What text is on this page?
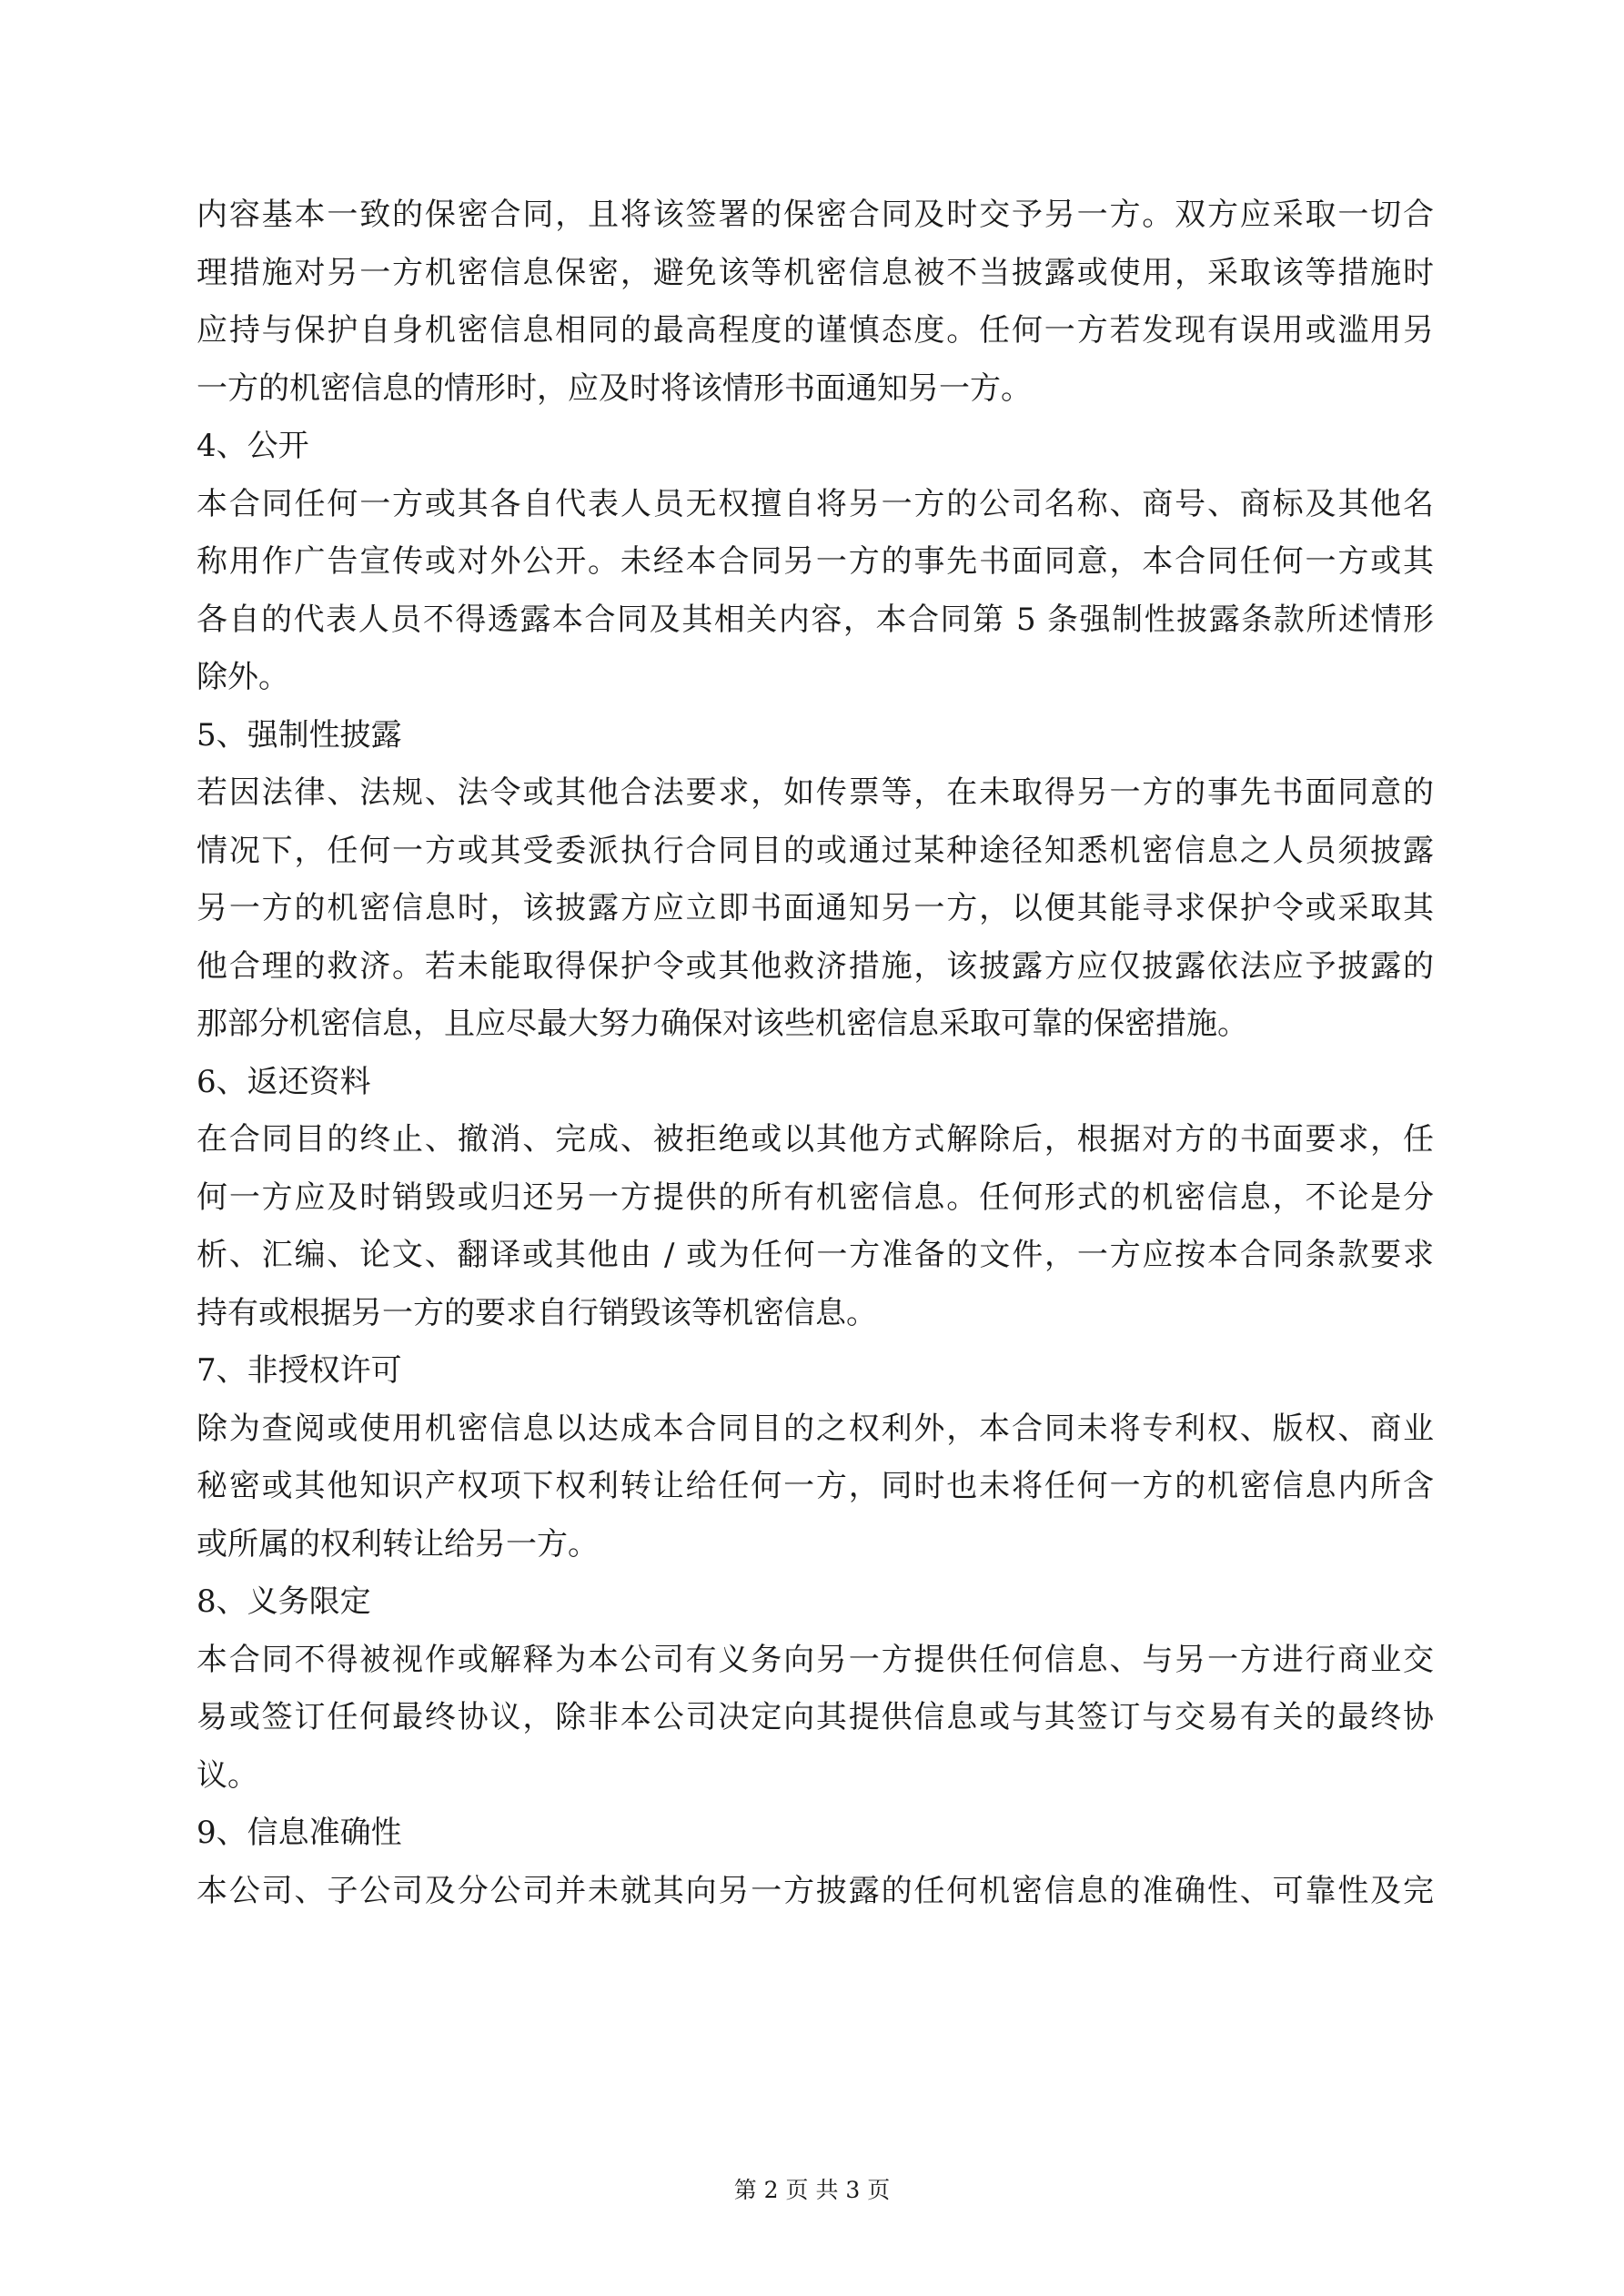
内容基本一致的保密合同，且将该签署的保密合同及时交予另一方。双方应采取一切合
理措施对另一方机密信息保密，避免该等机密信息被不当披露或使用，采取该等措施时
应持与保护自身机密信息相同的最高程度的谨慎态度。任何一方若发现有误用或滥用另
一方的机密信息的情形时，应及时将该情形书面通知另一方。
4、公开
本合同任何一方或其各自代表人员无权擅自将另一方的公司名称、商号、商标及其他名
称用作广告宣传或对外公开。未经本合同另一方的事先书面同意，本合同任何一方或其
各自的代表人员不得透露本合同及其相关内容，本合同第 5 条强制性披露条款所述情形
除外。
5、强制性披露
若因法律、法规、法令或其他合法要求，如传票等，在未取得另一方的事先书面同意的
情况下，任何一方或其受委派执行合同目的或通过某种途径知悉机密信息之人员须披露
另一方的机密信息时，该披露方应立即书面通知另一方，以便其能寻求保护令或采取其
他合理的救济。若未能取得保护令或其他救济措施，该披露方应仅披露依法应予披露的
那部分机密信息，且应尽最大努力确保对该些机密信息采取可靠的保密措施。
6、返还资料
在合同目的终止、撤消、完成、被拒绝或以其他方式解除后，根据对方的书面要求，任
何一方应及时销毁或归还另一方提供的所有机密信息。任何形式的机密信息，不论是分
析、汇编、论文、翻译或其他由 / 或为任何一方准备的文件，一方应按本合同条款要求
持有或根据另一方的要求自行销毁该等机密信息。
7、非授权许可
除为查阅或使用机密信息以达成本合同目的之权利外，本合同未将专利权、版权、商业
秘密或其他知识产权项下权利转让给任何一方，同时也未将任何一方的机密信息内所含
或所属的权利转让给另一方。
8、义务限定
本合同不得被视作或解释为本公司有义务向另一方提供任何信息、与另一方进行商业交
易或签订任何最终协议，除非本公司决定向其提供信息或与其签订与交易有关的最终协
议。
9、信息准确性
本公司、子公司及分公司并未就其向另一方披露的任何机密信息的准确性、可靠性及完
第 2 页 共 3 页
